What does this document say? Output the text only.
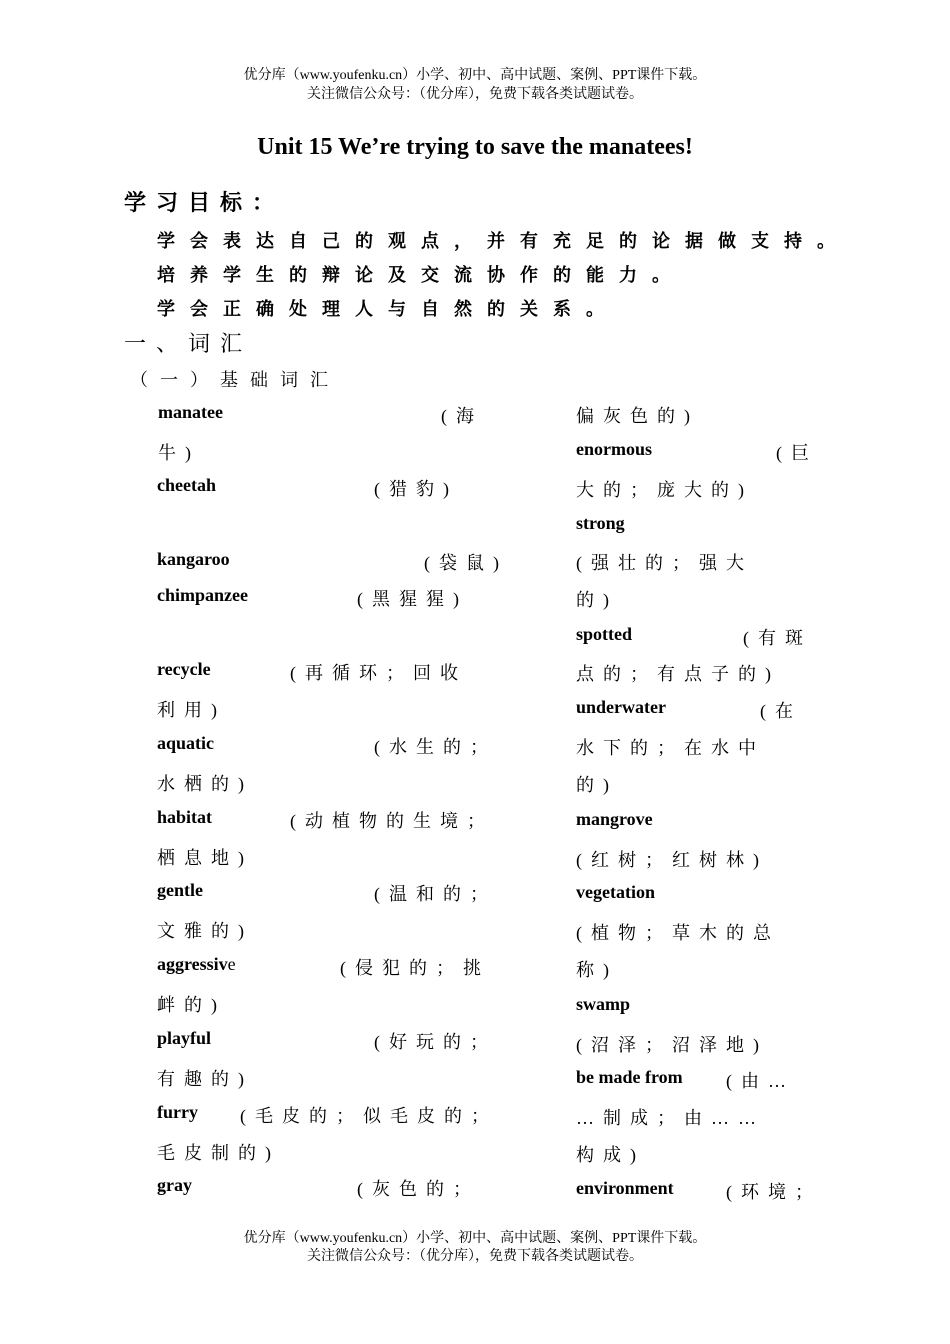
优分库（www.youfenku.cn）小学、初中、高中试题、案例、PPT课件下载。
关注微信公众号：（优分库），免费下载各类试题试卷。
Unit 15 We’re trying to save the manatees!
学习目标：
学会表达自己的观点，并有充足的论据做支持。
培养学生的辩论及交流协作的能力。
学会正确处理人与自然的关系。
一、词汇
（一）基础词汇
manatee	(海
牛)
cheetah	(猎豹)
kangaroo	(袋鼠)
chimpanzee	(黑猩猩)
recycle	(再循环；回收
利用)
aquatic	(水生的；
水栖的)
habitat	(动植物的生境；
栖息地)
gentle	(温和的；
文雅的)
aggressive	(侵犯的；挑
衅的)
playful	(好玩的；
有趣的)
furry (毛皮的；似毛皮的；
毛皮制的)
gray	(灰色的；
偏灰色的)
enormous	(巨
大的；庞大的)
strong
(强壮的；强大
的)
spotted	(有斑
点的；有点子的)
underwater	(在
水下的；在水中
的)
mangrove
(红树；红树林)
vegetation
(植物；草木的总
称)
swamp
(沼泽；沼泽地)
be made from (由…
…制成；由……
构成)
environment	(环境；
优分库（www.youfenku.cn）小学、初中、高中试题、案例、PPT课件下载。
关注微信公众号：（优分库），免费下载各类试题试卷。
